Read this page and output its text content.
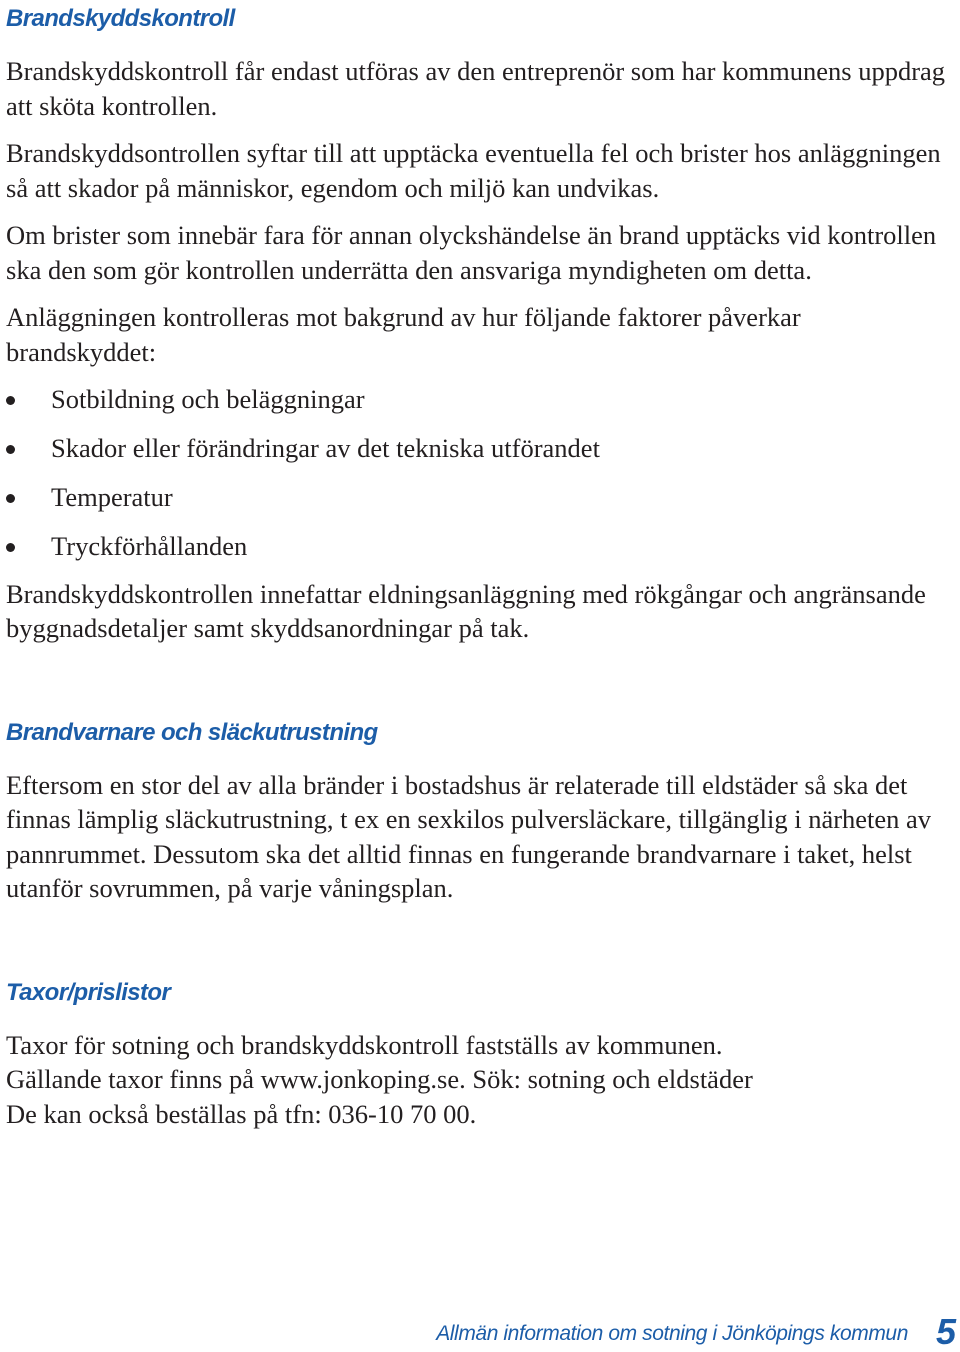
Brandskyddskontroll

Brandskyddskontroll får endast utföras av den entreprenör som har kommunens uppdrag att sköta kontrollen.

Brandskyddsontrollen syftar till att upptäcka eventuella fel och brister hos anläggningen så att skador på människor, egendom och miljö kan undvikas.

Om brister som innebär fara för annan olyckshändelse än brand upptäcks vid kontrollen ska den som gör kontrollen underrätta den ansvariga myndigheten om detta.

Anläggningen kontrolleras mot bakgrund av hur följande faktorer påverkar brandskyddet:

Sotbildning och beläggningar
Skador eller förändringar av det tekniska utförandet
Temperatur
Tryckförhållanden

Brandskyddskontrollen innefattar eldningsanläggning med rökgångar och angränsande byggnadsdetaljer samt skyddsanordningar på tak.

Brandvarnare och släckutrustning

Eftersom en stor del av alla bränder i bostadshus är relaterade till eldstäder så ska det finnas lämplig släckutrustning, t ex en sexkilos pulversläckare, tillgänglig i närheten av pannrummet. Dessutom ska det alltid finnas en fungerande brandvarnare i taket, helst utanför sovrummen, på varje våningsplan.

Taxor/prislistor

Taxor för sotning och brandskyddskontroll fastställs av kommunen.
Gällande taxor finns på www.jonkoping.se. Sök: sotning och eldstäder
De kan också beställas på tfn: 036-10 70 00.

Allmän information om sotning i Jönköpings kommun 5
